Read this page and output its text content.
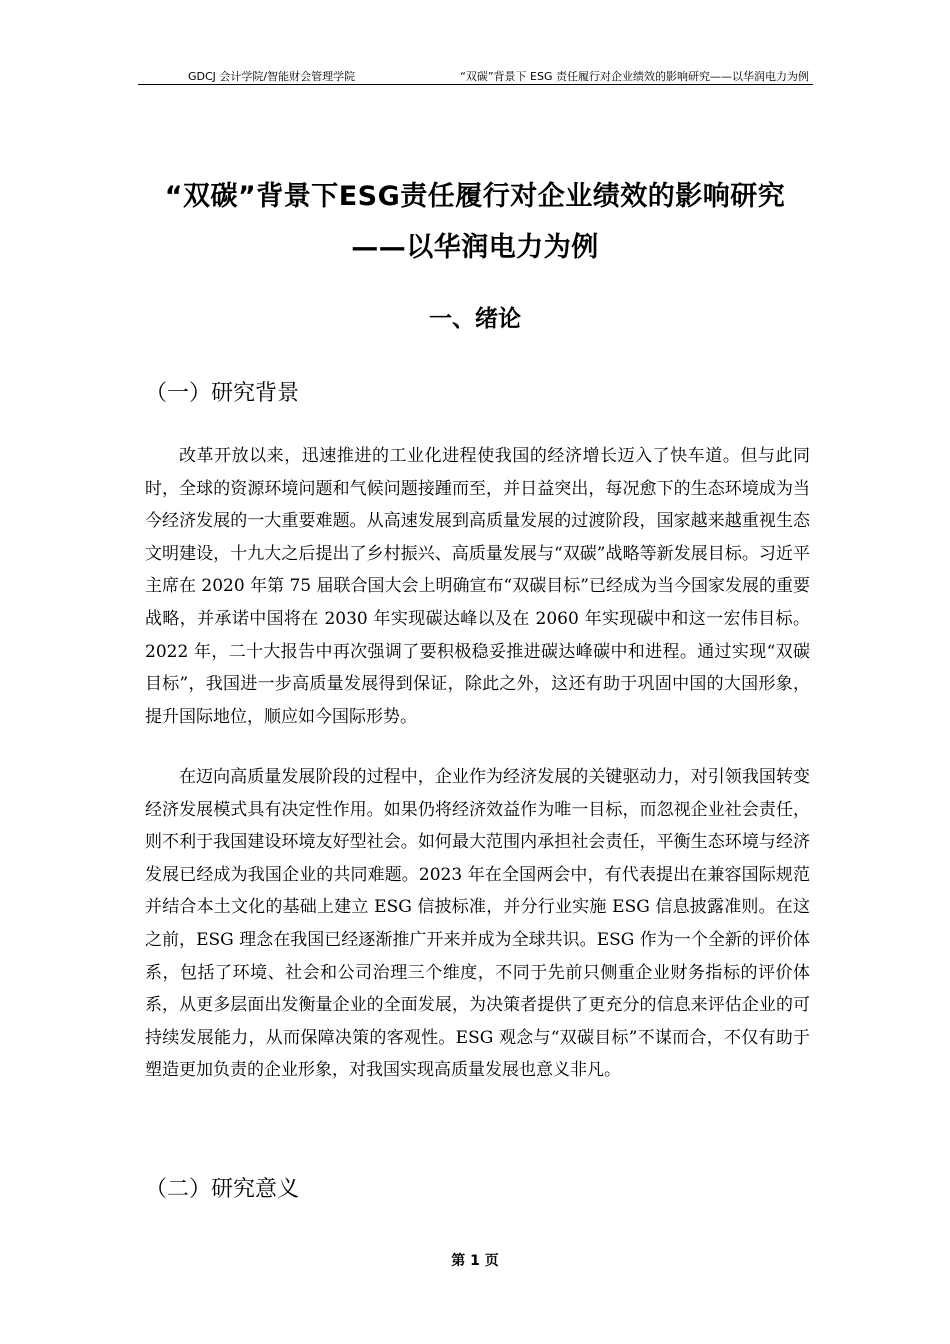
GDCJ 会计学院/智能财会管理学院	“双碳”背景下 ESG 责任履行对企业绩效的影响研究——以华润电力为例
“双碳”背景下ESG责任履行对企业绩效的影响研究
——以华润电力为例
一、绪论
（一）研究背景

改革开放以来，迅速推进的工业化进程使我国的经济增长迈入了快车道。但与此同时，全球的资源环境问题和气候问题接踵而至，并日益突出，每况愈下的生态环境成为当今经济发展的一大重要难题。从高速发展到高质量发展的过渡阶段，国家越来越重视生态文明建设，十九大之后提出了乡村振兴、高质量发展与“双碳”战略等新发展目标。习近平主席在 2020 年第 75 届联合国大会上明确宣布“双碳目标”已经成为当今国家发展的重要战略，并承诺中国将在 2030 年实现碳达峰以及在 2060 年实现碳中和这一宏伟目标。2022 年，二十大报告中再次强调了要积极稳妥推进碳达峰碳中和进程。通过实现“双碳目标”，我国进一步高质量发展得到保证，除此之外，这还有助于巩固中国的大国形象，提升国际地位，顺应如今国际形势。

在迈向高质量发展阶段的过程中，企业作为经济发展的关键驱动力，对引领我国转变经济发展模式具有决定性作用。如果仍将经济效益作为唯一目标，而忽视企业社会责任，则不利于我国建设环境友好型社会。如何最大范围内承担社会责任，平衡生态环境与经济发展已经成为我国企业的共同难题。2023 年在全国两会中，有代表提出在兼容国际规范并结合本土文化的基础上建立 ESG 信披标准，并分行业实施 ESG 信息披露准则。在这之前，ESG 理念在我国已经逐渐推广开来并成为全球共识。ESG 作为一个全新的评价体系，包括了环境、社会和公司治理三个维度，不同于先前只侧重企业财务指标的评价体系，从更多层面出发衡量企业的全面发展，为决策者提供了更充分的信息来评估企业的可持续发展能力，从而保障决策的客观性。ESG 观念与“双碳目标”不谋而合，不仅有助于塑造更加负责的企业形象，对我国实现高质量发展也意义非凡。

（二）研究意义
第 1 页
